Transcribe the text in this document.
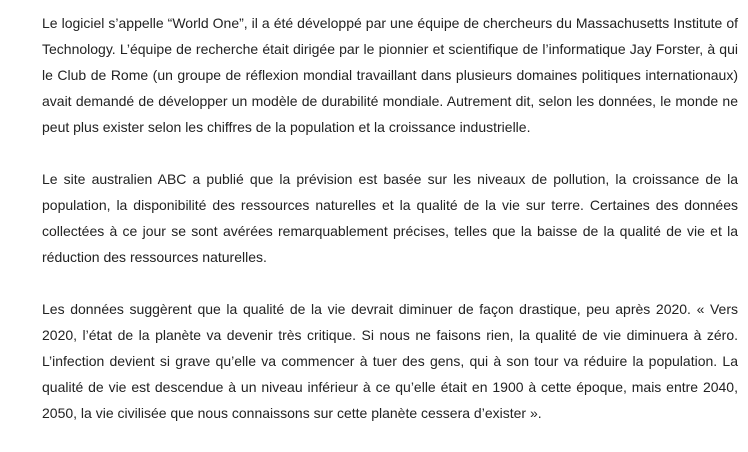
Le logiciel s’appelle “World One”, il a été développé par une équipe de chercheurs du Massachusetts Institute of Technology. L’équipe de recherche était dirigée par le pionnier et scientifique de l’informatique Jay Forster, à qui le Club de Rome (un groupe de réflexion mondial travaillant dans plusieurs domaines politiques internationaux) avait demandé de développer un modèle de durabilité mondiale. Autrement dit, selon les données, le monde ne peut plus exister selon les chiffres de la population et la croissance industrielle.

Le site australien ABC a publié que la prévision est basée sur les niveaux de pollution, la croissance de la population, la disponibilité des ressources naturelles et la qualité de la vie sur terre. Certaines des données collectées à ce jour se sont avérées remarquablement précises, telles que la baisse de la qualité de vie et la réduction des ressources naturelles.

Les données suggèrent que la qualité de la vie devrait diminuer de façon drastique, peu après 2020. « Vers 2020, l’état de la planète va devenir très critique. Si nous ne faisons rien, la qualité de vie diminuera à zéro. L’infection devient si grave qu’elle va commencer à tuer des gens, qui à son tour va réduire la population. La qualité de vie est descendue à un niveau inférieur à ce qu’elle était en 1900 à cette époque, mais entre 2040, 2050, la vie civilisée que nous connaissons sur cette planète cessera d’exister ».
